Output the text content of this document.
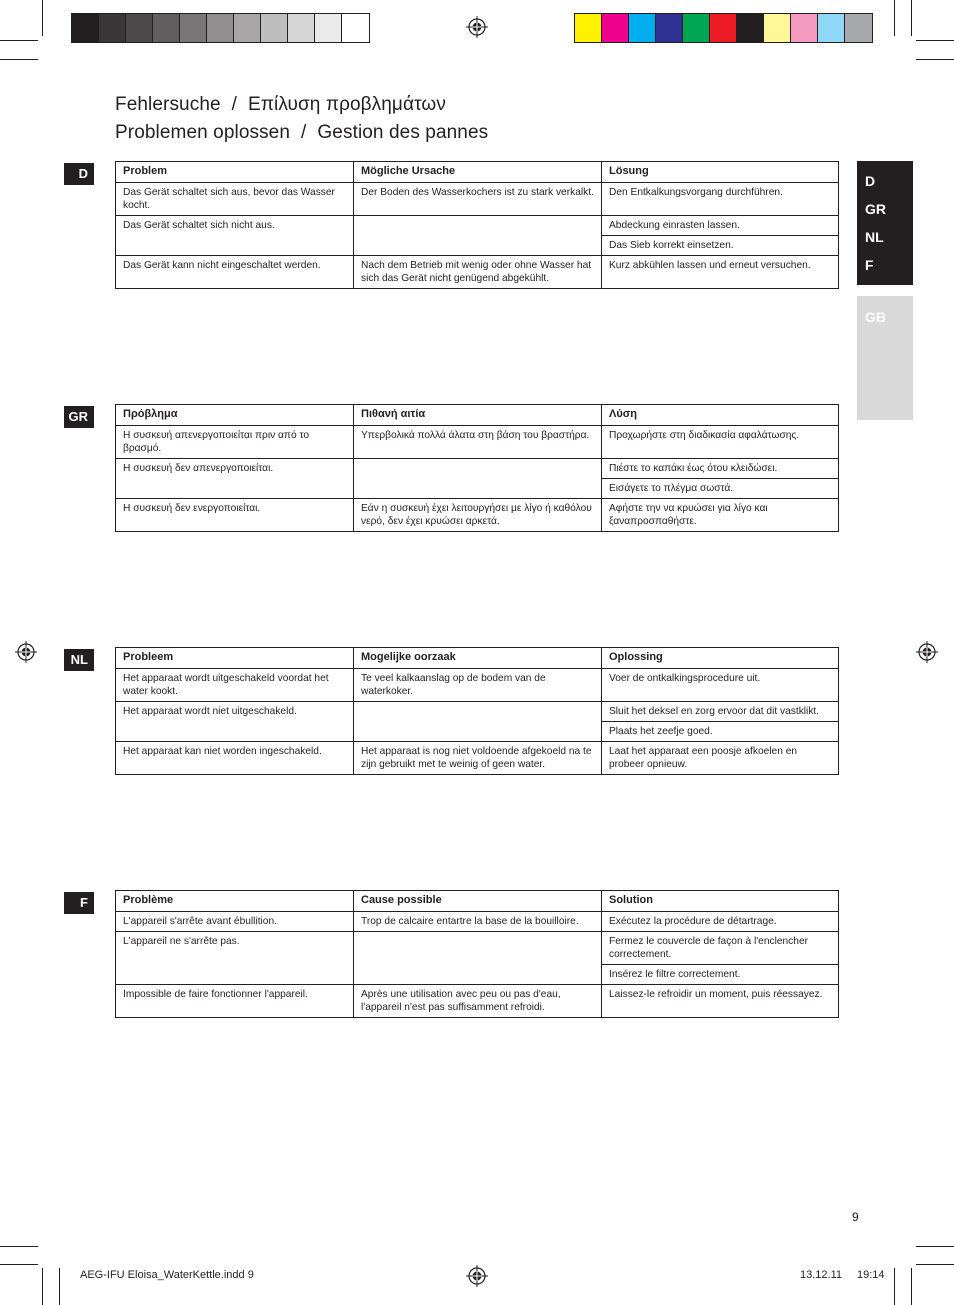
Fehlersuche / Επίλυση προβλημάτων
Problemen oplossen / Gestion des pannes
D
GR
NL
F
GB
D	Problem	Mögliche Ursache	Lösung
Das Gerät schaltet sich aus, bevor das Wasser kocht.	Der Boden des Wasserkochers ist zu stark verkalkt.	Den Entkalkungsvorgang durchführen.
Das Gerät schaltet sich nicht aus.		Abdeckung einrasten lassen.
		Das Sieb korrekt einsetzen.
Das Gerät kann nicht eingeschaltet werden.	Nach dem Betrieb mit wenig oder ohne Wasser hat sich das Gerät nicht genügend abgekühlt.	Kurz abkühlen lassen und erneut versuchen.
GR	Πρόβλημα	Πιθανή αιτία	Λύση
Η συσκευή απενεργοποιείται πριν από το βρασμό.	Υπερβολικά πολλά άλατα στη βάση του βραστήρα.	Προχωρήστε στη διαδικασία αφαλάτωσης.
Η συσκευή δεν απενεργοποιείται.		Πιέστε το καπάκι έως ότου κλειδώσει.
		Εισάγετε το πλέγμα σωστά.
Η συσκευή δεν ενεργοποιείται.	Εάν η συσκευή έχει λειτουργήσει με λίγο ή καθόλου νερό, δεν έχει κρυώσει αρκετά.	Αφήστε την να κρυώσει για λίγο και ξαναπροσπαθήστε.
NL	Probleem	Mogelijke oorzaak	Oplossing
Het apparaat wordt uitgeschakeld voordat het water kookt.	Te veel kalkaanslag op de bodem van de waterkoker.	Voer de ontkalkingsprocedure uit.
Het apparaat wordt niet uitgeschakeld.		Sluit het deksel en zorg ervoor dat dit vastklikt.
		Plaats het zeefje goed.
Het apparaat kan niet worden ingeschakeld.	Het apparaat is nog niet voldoende afgekoeld na te zijn gebruikt met te weinig of geen water.	Laat het apparaat een poosje afkoelen en probeer opnieuw.
F	Problème	Cause possible	Solution
L'appareil s'arrête avant ébullition.	Trop de calcaire entartre la base de la bouilloire.	Exécutez la procédure de détartrage.
L'appareil ne s'arrête pas.		Fermez le couvercle de façon à l'enclencher correctement.
		Insérez le filtre correctement.
Impossible de faire fonctionner l'appareil.	Après une utilisation avec peu ou pas d'eau, l'appareil n'est pas suffisamment refroidi.	Laissez-le refroidir un moment, puis réessayez.
9
AEG-IFU Eloisa_WaterKettle.indd 9	13.12.11 19:14
